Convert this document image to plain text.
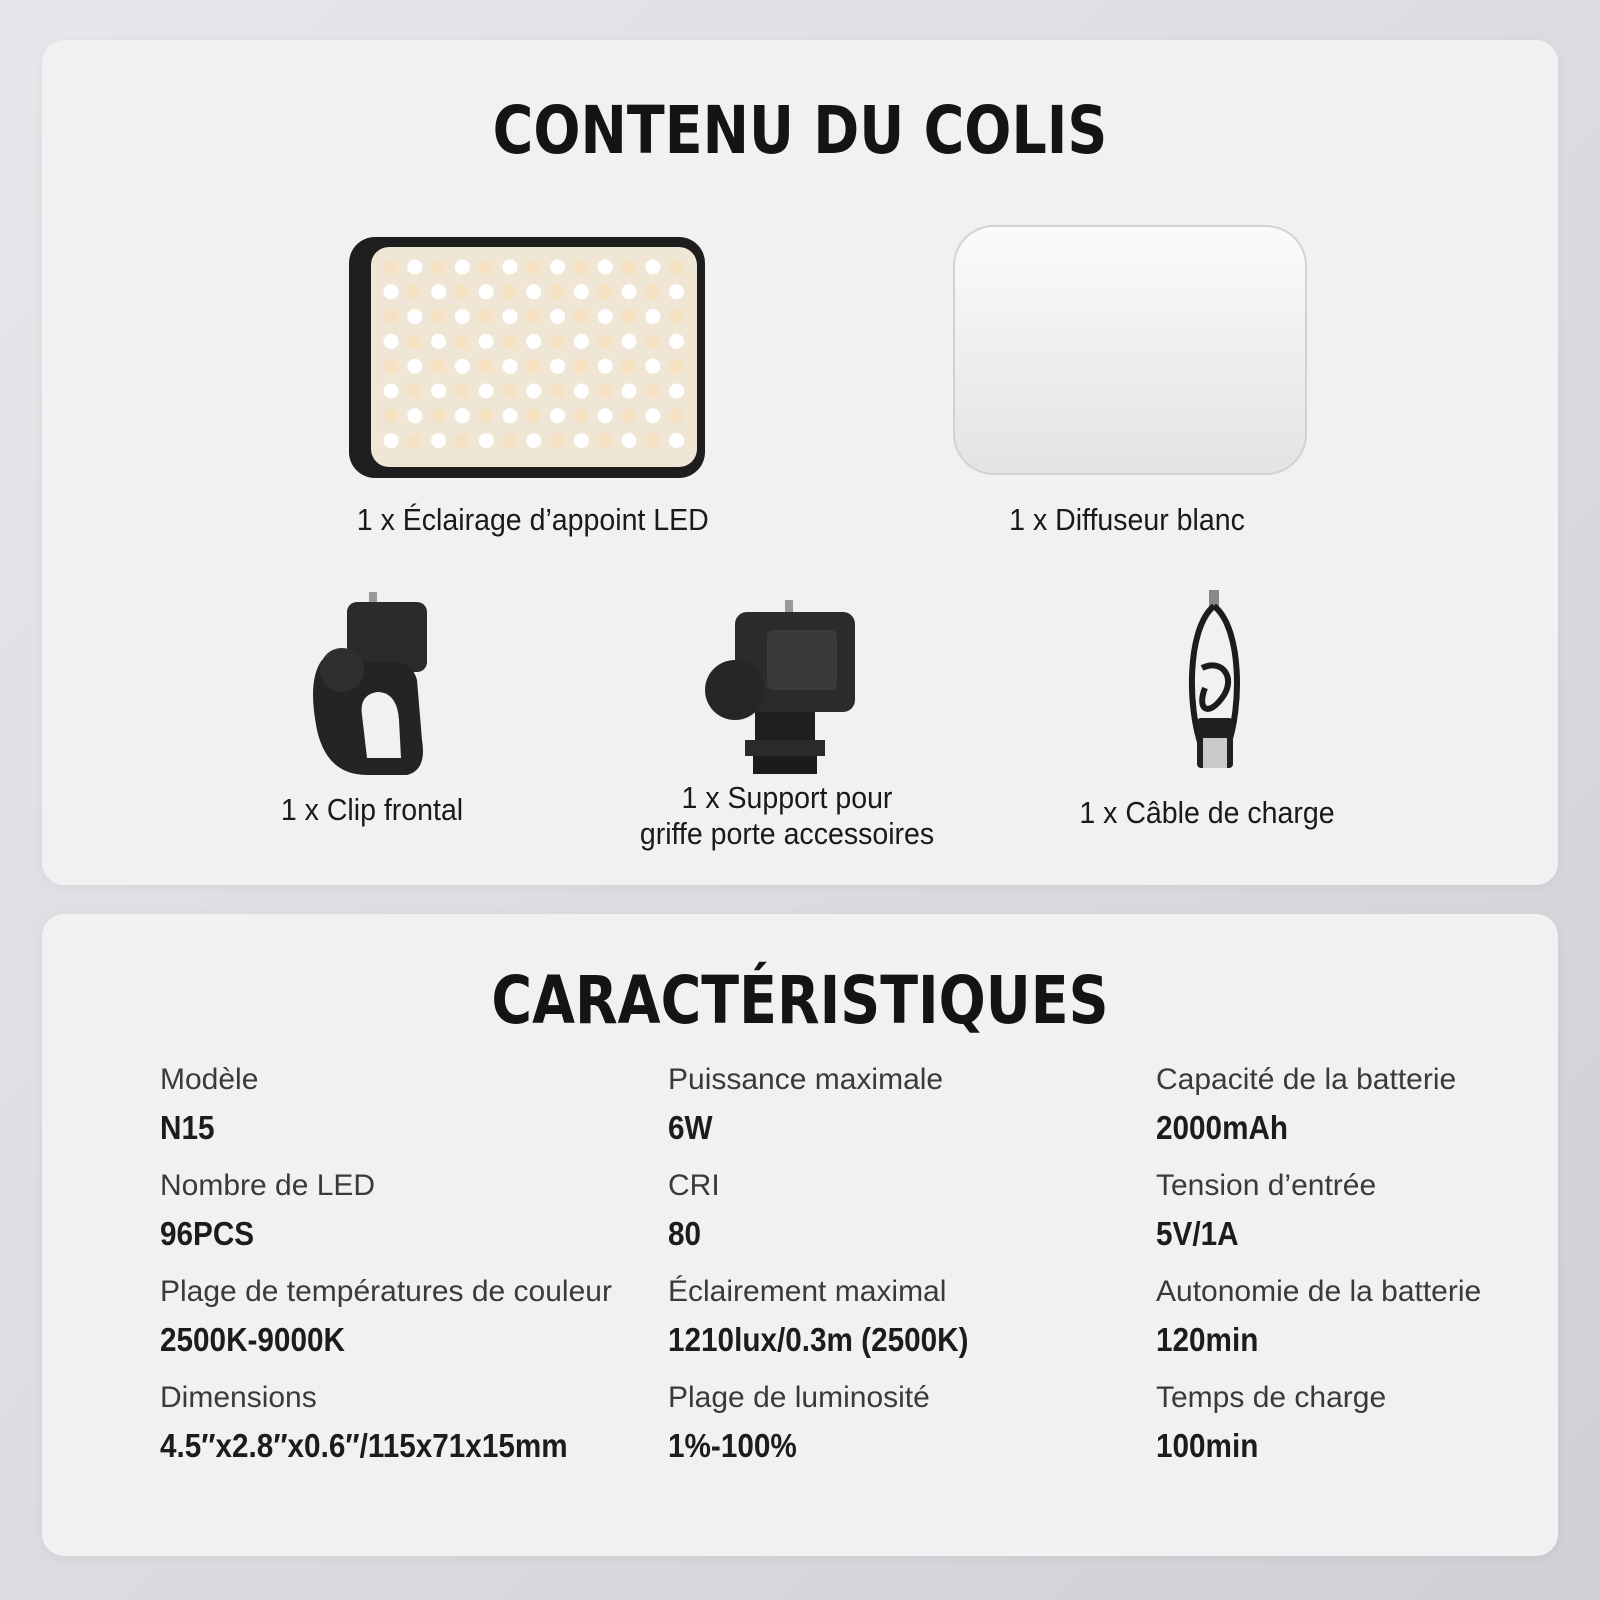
CONTENU DU COLIS
1 x Éclairage d’appoint LED	1 x Diffuseur blanc
1 x Clip frontal	1 x Support pour
griffe porte accessoires
1 x Câble de charge
CARACTÉRISTIQUES
Modèle
N15
Nombre de LED
96PCS
Plage de températures de couleur
2500K-9000K
Dimensions
4.5″x2.8″x0.6″/115x71x15mm
Puissance maximale
6W
CRI
80
Éclairement maximal
1210lux/0.3m (2500K)
Plage de luminosité
1%-100%
Capacité de la batterie
2000mAh
Tension d’entrée
5V/1A
Autonomie de la batterie
120min
Temps de charge
100min
